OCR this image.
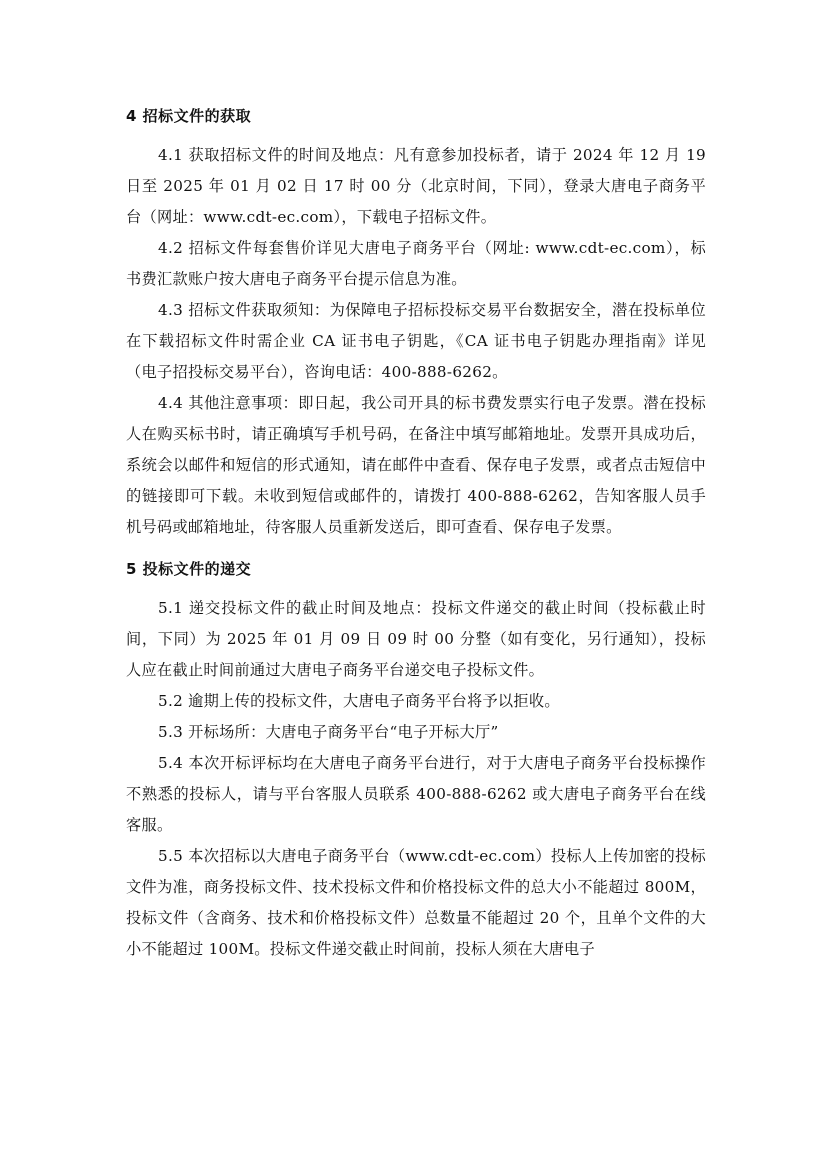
4 招标文件的获取

4.1 获取招标文件的时间及地点：凡有意参加投标者，请于 2024 年 12 月 19 日至 2025 年 01 月 02 日 17 时 00 分（北京时间，下同），登录大唐电子商务平台（网址：www.cdt-ec.com），下载电子招标文件。

4.2 招标文件每套售价详见大唐电子商务平台（网址: www.cdt-ec.com），标书费汇款账户按大唐电子商务平台提示信息为准。

4.3 招标文件获取须知：为保障电子招标投标交易平台数据安全，潜在投标单位在下载招标文件时需企业 CA 证书电子钥匙，《CA 证书电子钥匙办理指南》详见（电子招投标交易平台），咨询电话：400-888-6262。

4.4 其他注意事项：即日起，我公司开具的标书费发票实行电子发票。潜在投标人在购买标书时，请正确填写手机号码，在备注中填写邮箱地址。发票开具成功后，系统会以邮件和短信的形式通知，请在邮件中查看、保存电子发票，或者点击短信中的链接即可下载。未收到短信或邮件的，请拨打 400-888-6262，告知客服人员手机号码或邮箱地址，待客服人员重新发送后，即可查看、保存电子发票。

5 投标文件的递交

5.1 递交投标文件的截止时间及地点：投标文件递交的截止时间（投标截止时间，下同）为 2025 年 01 月 09 日 09 时 00 分整（如有变化，另行通知），投标人应在截止时间前通过大唐电子商务平台递交电子投标文件。

5.2 逾期上传的投标文件，大唐电子商务平台将予以拒收。

5.3 开标场所：大唐电子商务平台“电子开标大厅”

5.4 本次开标评标均在大唐电子商务平台进行，对于大唐电子商务平台投标操作不熟悉的投标人，请与平台客服人员联系 400-888-6262 或大唐电子商务平台在线客服。

5.5 本次招标以大唐电子商务平台（www.cdt-ec.com）投标人上传加密的投标文件为准，商务投标文件、技术投标文件和价格投标文件的总大小不能超过 800M，投标文件（含商务、技术和价格投标文件）总数量不能超过 20 个，且单个文件的大小不能超过 100M。投标文件递交截止时间前，投标人须在大唐电子
